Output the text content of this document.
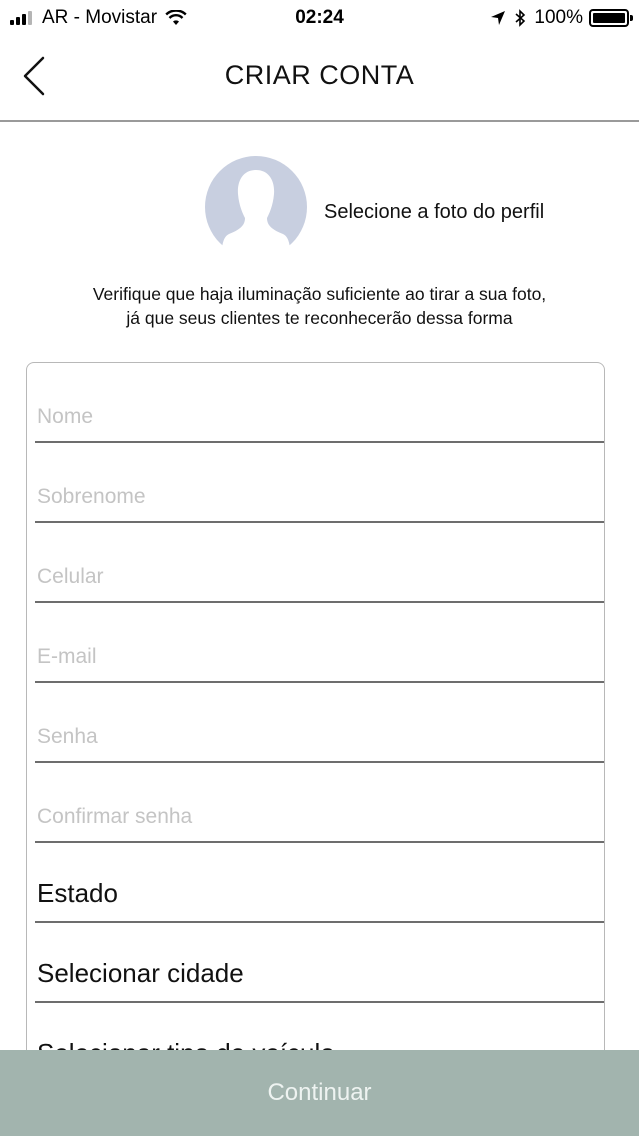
AR - Movistar	02:24	100%
CRIAR CONTA
Selecione a foto do perfil
Verifique que haja iluminação suficiente ao tirar a sua foto,
já que seus clientes te reconhecerão dessa forma
Nome
Sobrenome
Celular
E-mail
Estado
Selecionar cidade
Continuar
